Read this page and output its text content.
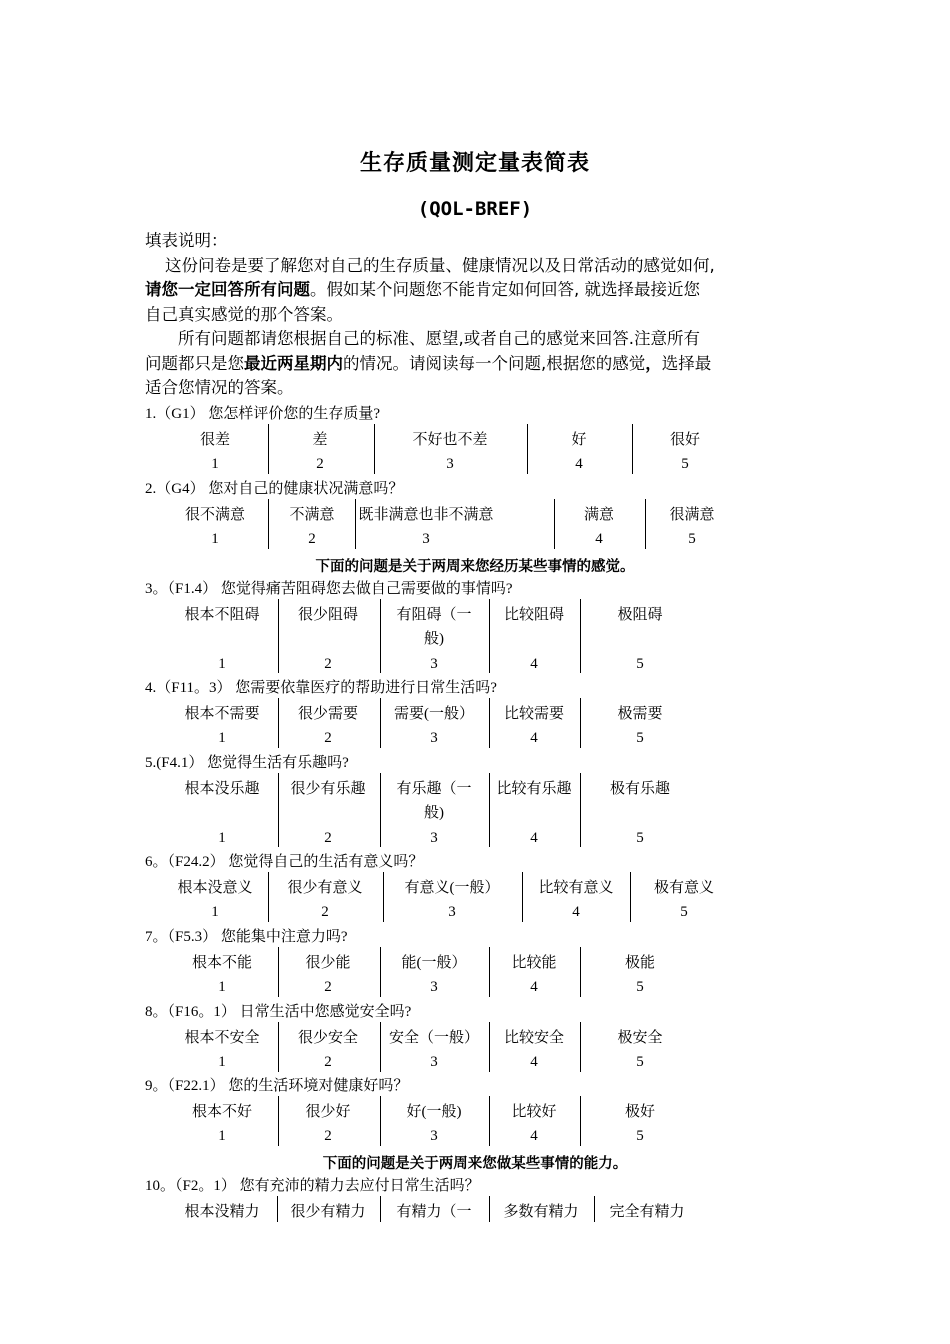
生存质量测定量表简表
(QOL-BREF)

填表说明：

这份问卷是要了解您对自己的生存质量、健康情况以及日常活动的感觉如何,

请您一定回答所有问题。假如某个问题您不能肯定如何回答, 就选择最接近您

自己真实感觉的那个答案。

所有问题都请您根据自己的标准、愿望,或者自己的感觉来回答.注意所有

问题都只是您最近两星期内的情况。请阅读每一个问题,根据您的感觉，选择最

适合您情况的答案。

下面的问题是关于两周来您经历某些事情的感觉。
下面的问题是关于两周来您做某些事情的能力。
1.（G1） 您怎样评价您的生存质量?
很差
1
差
2
不好也不差
3
好
4
很好
5
2.（G4） 您对自己的健康状况满意吗？
很不满意
1
不满意
2
既非满意也非不满意
3
满意
4
很满意
5
3。（F1.4） 您觉得痛苦阻碍您去做自己需要做的事情吗?
根本不阻碍
1
很少阻碍
2
有阻碍（一
般)
3
比较阻碍
4
极阻碍
5
4.（F11。3） 您需要依靠医疗的帮助进行日常生活吗?
根本不需要
1
很少需要
2
需要(一般）
3
比较需要
4
极需要
5
5.(F4.1） 您觉得生活有乐趣吗?
根本没乐趣
1
很少有乐趣
2
有乐趣（一
般)
3
比较有乐趣
4
极有乐趣
5
6。（F24.2） 您觉得自己的生活有意义吗？
根本没意义
1
很少有意义
2
有意义(一般）
3
比较有意义
4
极有意义
5
7。（F5.3） 您能集中注意力吗?
根本不能
1
很少能
2
能(一般）
3
比较能
4
极能
5
8。（F16。1） 日常生活中您感觉安全吗?
根本不安全
1
很少安全
2
安全（一般）
3
比较安全
4
极安全
5
9。（F22.1） 您的生活环境对健康好吗？
根本不好
1
很少好
2
好(一般)
3
比较好
4
极好
5
10。（F2。1） 您有充沛的精力去应付日常生活吗？
根本没精力 很少有精力 有精力（一 多数有精力 完全有精力
